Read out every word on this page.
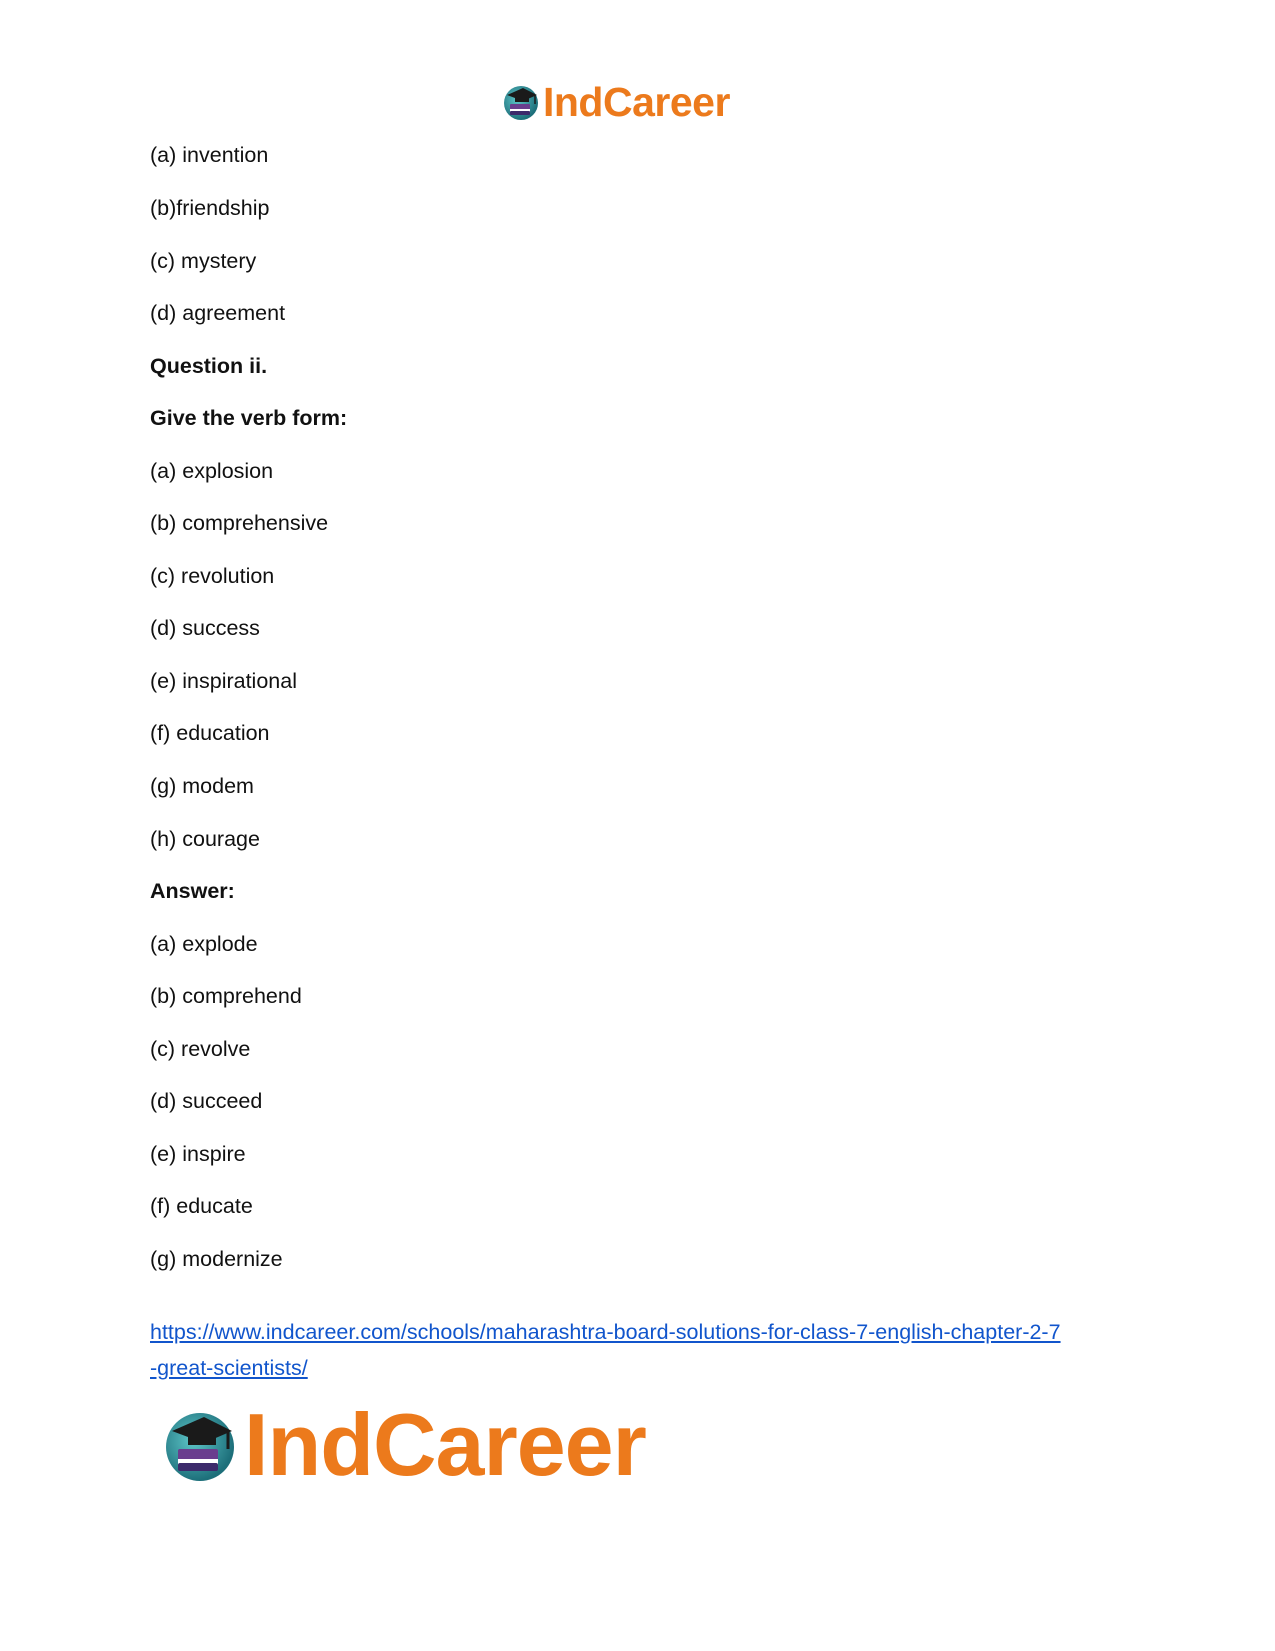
IndCareer
(a) invention
(b)friendship
(c) mystery
(d) agreement
Question ii.
Give the verb form:
(a) explosion
(b) comprehensive
(c) revolution
(d) success
(e) inspirational
(f) education
(g) modem
(h) courage
Answer:
(a) explode
(b) comprehend
(c) revolve
(d) succeed
(e) inspire
(f) educate
(g) modernize
https://www.indcareer.com/schools/maharashtra-board-solutions-for-class-7-english-chapter-2-7
-great-scientists/
IndCareer
